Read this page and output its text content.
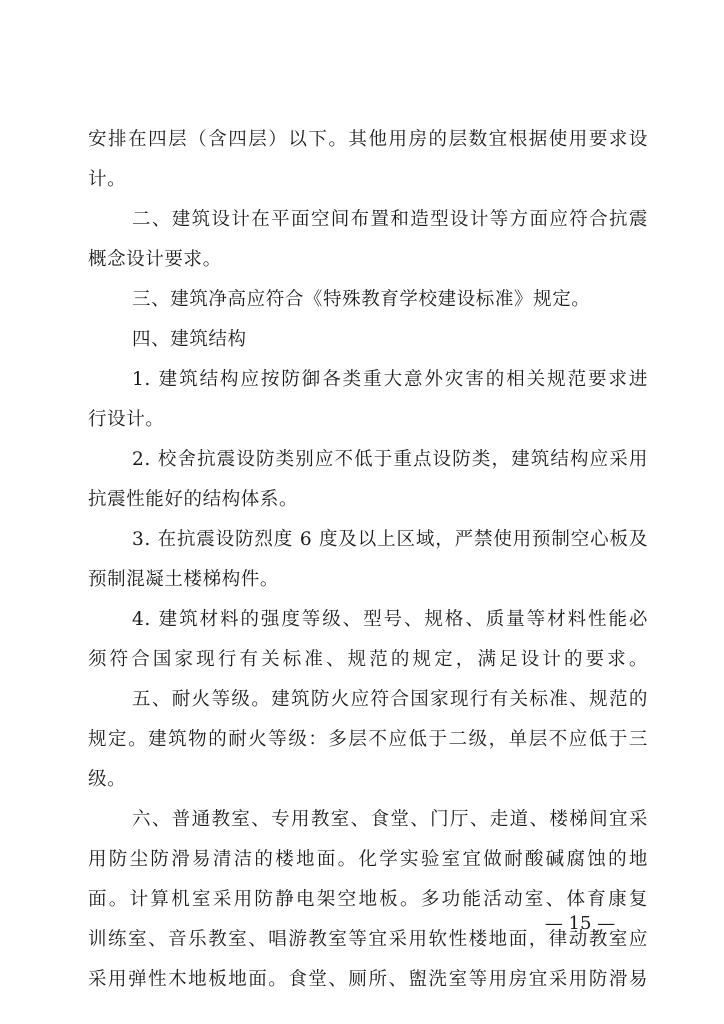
安排在四层（含四层）以下。其他用房的层数宜根据使用要求设
计。
二、建筑设计在平面空间布置和造型设计等方面应符合抗震
概念设计要求。
三、建筑净高应符合《特殊教育学校建设标准》规定。
四、建筑结构
1. 建筑结构应按防御各类重大意外灾害的相关规范要求进
行设计。
2. 校舍抗震设防类别应不低于重点设防类，建筑结构应采用
抗震性能好的结构体系。
3. 在抗震设防烈度 6 度及以上区域，严禁使用预制空心板及
预制混凝土楼梯构件。
4. 建筑材料的强度等级、型号、规格、质量等材料性能必
须符合国家现行有关标准、规范的规定，满足设计的要求。
五、耐火等级。建筑防火应符合国家现行有关标准、规范的
规定。建筑物的耐火等级：多层不应低于二级，单层不应低于三
级。
六、普通教室、专用教室、食堂、门厅、走道、楼梯间宜采
用防尘防滑易清洁的楼地面。化学实验室宜做耐酸碱腐蚀的地
面。计算机室采用防静电架空地板。多功能活动室、体育康复
训练室、音乐教室、唱游教室等宜采用软性楼地面，律动教室应
采用弹性木地板地面。食堂、厕所、盥洗室等用房宜采用防滑易
— 15 —
